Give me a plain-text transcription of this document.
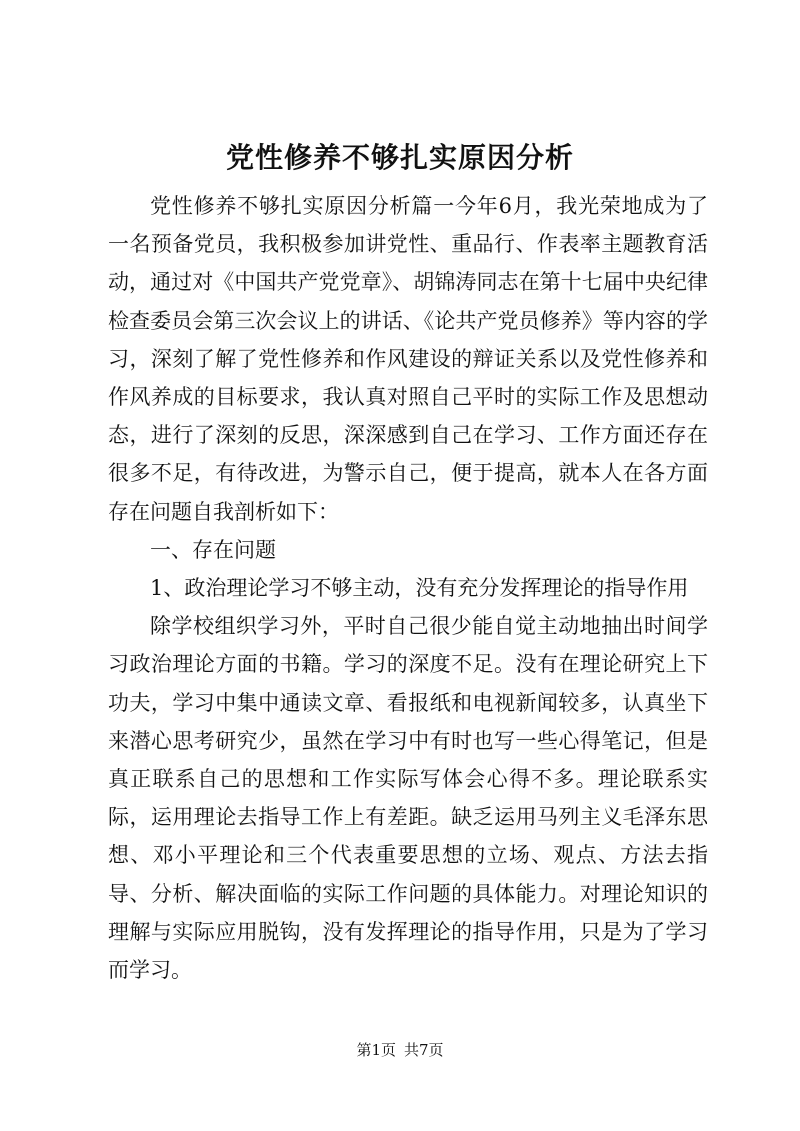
党性修养不够扎实原因分析

党性修养不够扎实原因分析篇一今年6月，我光荣地成为了一名预备党员，我积极参加讲党性、重品行、作表率主题教育活动，通过对《中国共产党党章》、胡锦涛同志在第十七届中央纪律检查委员会第三次会议上的讲话、《论共产党员修养》等内容的学习，深刻了解了党性修养和作风建设的辩证关系以及党性修养和作风养成的目标要求，我认真对照自己平时的实际工作及思想动态，进行了深刻的反思，深深感到自己在学习、工作方面还存在很多不足，有待改进，为警示自己，便于提高，就本人在各方面存在问题自我剖析如下：

一、存在问题

1、政治理论学习不够主动，没有充分发挥理论的指导作用

除学校组织学习外，平时自己很少能自觉主动地抽出时间学习政治理论方面的书籍。学习的深度不足。没有在理论研究上下功夫，学习中集中通读文章、看报纸和电视新闻较多，认真坐下来潜心思考研究少，虽然在学习中有时也写一些心得笔记，但是真正联系自己的思想和工作实际写体会心得不多。理论联系实际，运用理论去指导工作上有差距。缺乏运用马列主义毛泽东思想、邓小平理论和三个代表重要思想的立场、观点、方法去指导、分析、解决面临的实际工作问题的具体能力。对理论知识的理解与实际应用脱钩，没有发挥理论的指导作用，只是为了学习而学习。

第1页 共7页
